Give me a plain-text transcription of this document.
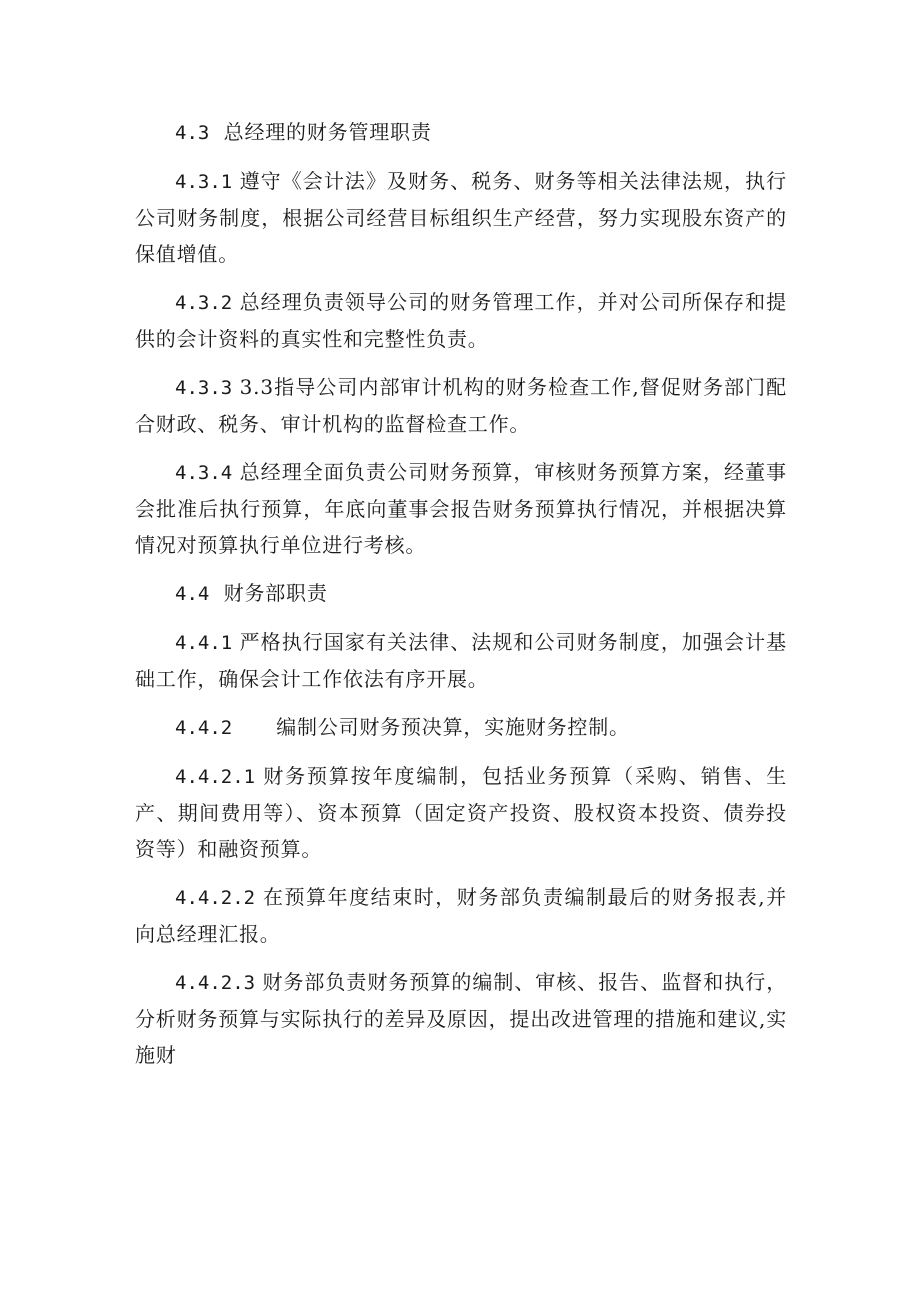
4.3 总经理的财务管理职责

4.3.1 遵守《会计法》及财务、税务、财务等相关法律法规，执行公司财务制度，根据公司经营目标组织生产经营，努力实现股东资产的保值增值。

4.3.2 总经理负责领导公司的财务管理工作，并对公司所保存和提供的会计资料的真实性和完整性负责。

4.3.3 3.3指导公司内部审计机构的财务检查工作,督促财务部门配合财政、税务、审计机构的监督检查工作。

4.3.4 总经理全面负责公司财务预算，审核财务预算方案，经董事会批准后执行预算，年底向董事会报告财务预算执行情况，并根据决算情况对预算执行单位进行考核。

4.4 财务部职责

4.4.1 严格执行国家有关法律、法规和公司财务制度，加强会计基础工作，确保会计工作依法有序开展。

4.4.2 编制公司财务预决算，实施财务控制。

4.4.2.1 财务预算按年度编制，包括业务预算（采购、销售、生产、期间费用等）、资本预算（固定资产投资、股权资本投资、债券投资等）和融资预算。

4.4.2.2 在预算年度结束时，财务部负责编制最后的财务报表,并向总经理汇报。

4.4.2.3 财务部负责财务预算的编制、审核、报告、监督和执行，分析财务预算与实际执行的差异及原因，提出改进管理的措施和建议,实施财
